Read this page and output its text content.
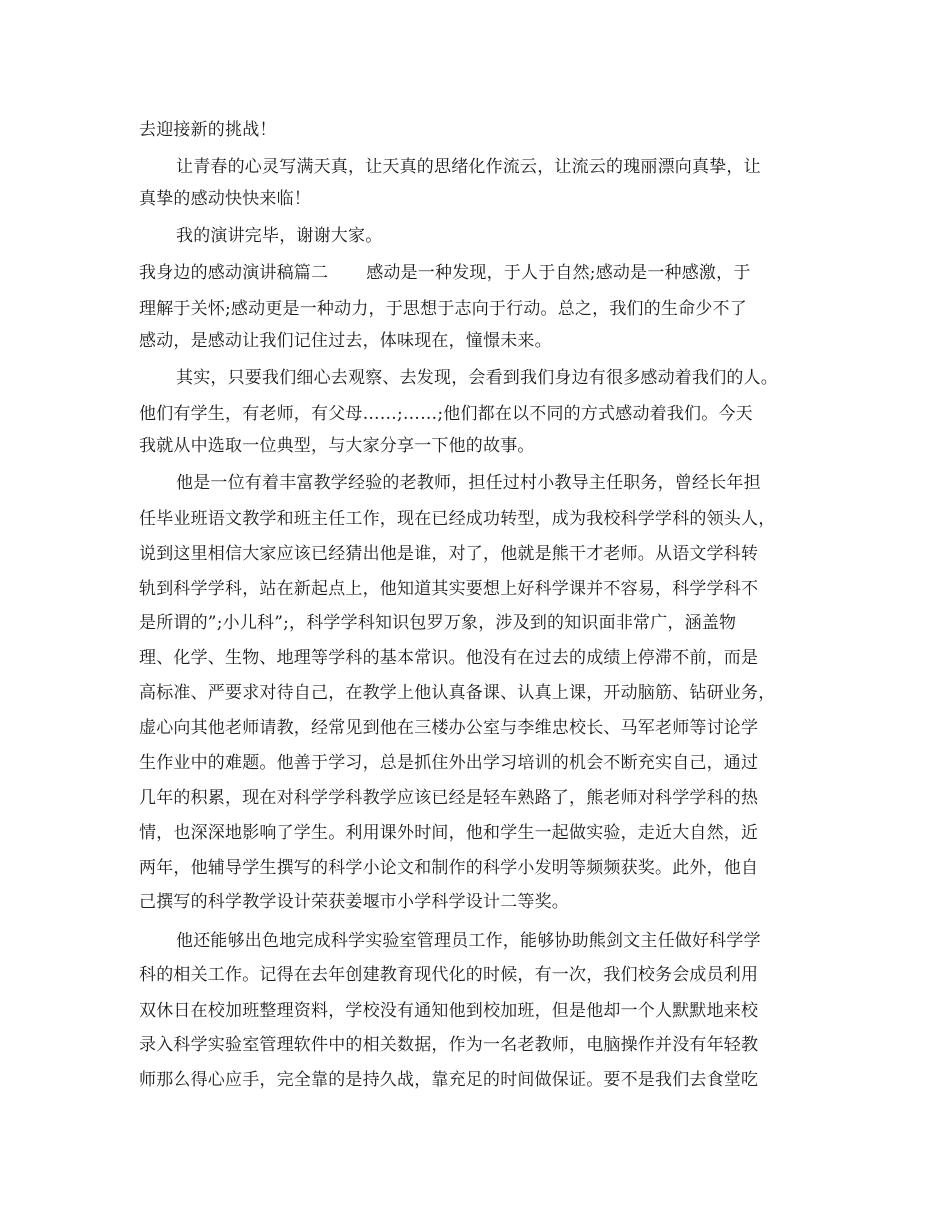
去迎接新的挑战！
让青春的心灵写满天真，让天真的思绪化作流云，让流云的瑰丽漂向真挚，让
真挚的感动快快来临！
我的演讲完毕，谢谢大家。
我身边的感动演讲稿篇二 感动是一种发现，于人于自然;感动是一种感激，于
理解于关怀;感动更是一种动力，于思想于志向于行动。总之，我们的生命少不了
感动，是感动让我们记住过去，体味现在，憧憬未来。
其实，只要我们细心去观察、去发现，会看到我们身边有很多感动着我们的人。
他们有学生，有老师，有父母……;……;他们都在以不同的方式感动着我们。今天
我就从中选取一位典型，与大家分享一下他的故事。
他是一位有着丰富教学经验的老教师，担任过村小教导主任职务，曾经长年担
任毕业班语文教学和班主任工作，现在已经成功转型，成为我校科学学科的领头人，
说到这里相信大家应该已经猜出他是谁，对了，他就是熊干才老师。从语文学科转
轨到科学学科，站在新起点上，他知道其实要想上好科学课并不容易，科学学科不
是所谓的”;小儿科”;，科学学科知识包罗万象，涉及到的知识面非常广，涵盖物
理、化学、生物、地理等学科的基本常识。他没有在过去的成绩上停滞不前，而是
高标准、严要求对待自己，在教学上他认真备课、认真上课，开动脑筋、钻研业务，
虚心向其他老师请教，经常见到他在三楼办公室与李维忠校长、马军老师等讨论学
生作业中的难题。他善于学习，总是抓住外出学习培训的机会不断充实自己，通过
几年的积累，现在对科学学科教学应该已经是轻车熟路了，熊老师对科学学科的热
情，也深深地影响了学生。利用课外时间，他和学生一起做实验，走近大自然，近
两年，他辅导学生撰写的科学小论文和制作的科学小发明等频频获奖。此外，他自
己撰写的科学教学设计荣获姜堰市小学科学设计二等奖。
他还能够出色地完成科学实验室管理员工作，能够协助熊剑文主任做好科学学
科的相关工作。记得在去年创建教育现代化的时候，有一次，我们校务会成员利用
双休日在校加班整理资料，学校没有通知他到校加班，但是他却一个人默默地来校
录入科学实验室管理软件中的相关数据，作为一名老教师，电脑操作并没有年轻教
师那么得心应手，完全靠的是持久战，靠充足的时间做保证。要不是我们去食堂吃
